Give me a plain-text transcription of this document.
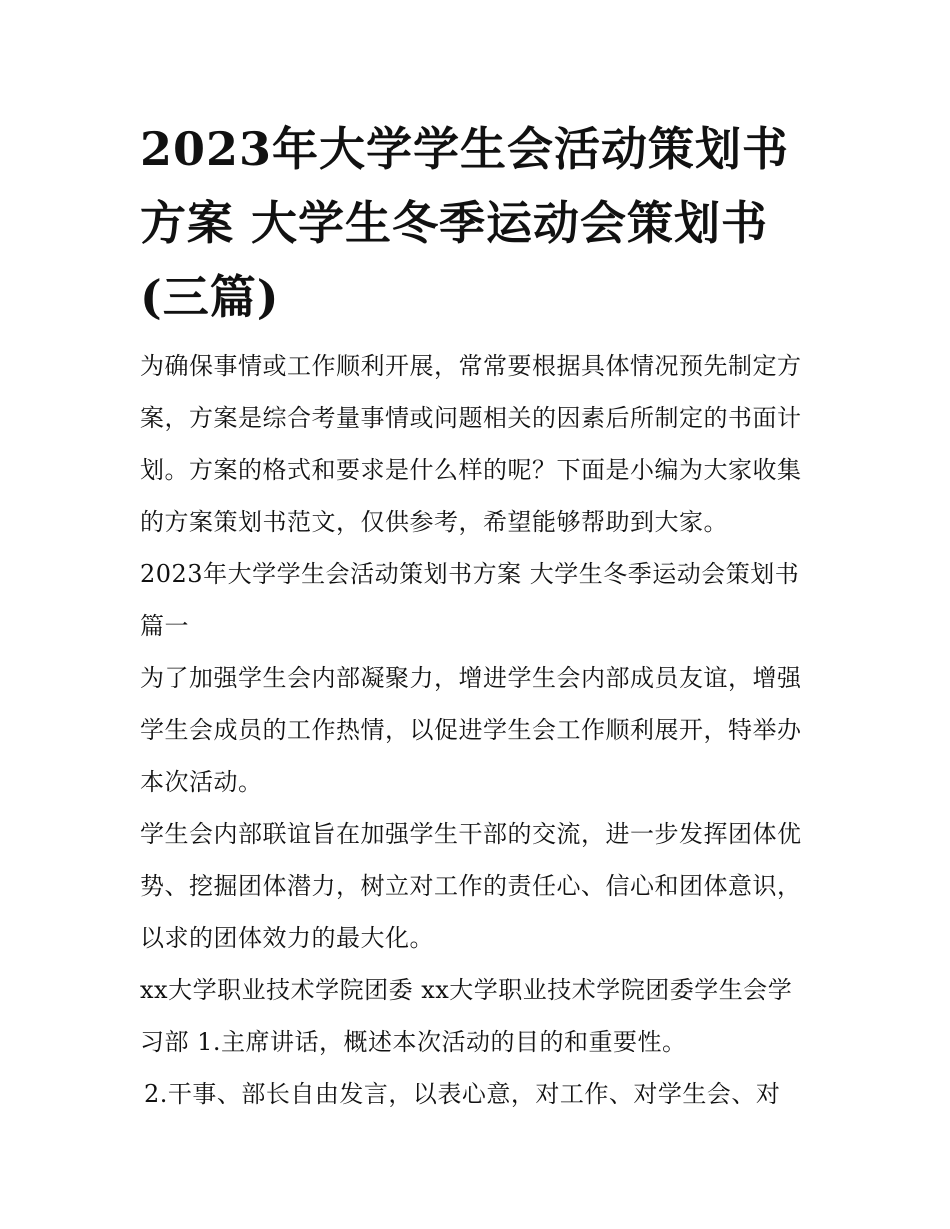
2023年大学学生会活动策划书
方案 大学生冬季运动会策划书
(三篇)

为确保事情或工作顺利开展，常常要根据具体情况预先制定方
案，方案是综合考量事情或问题相关的因素后所制定的书面计
划。方案的格式和要求是什么样的呢？下面是小编为大家收集
的方案策划书范文，仅供参考，希望能够帮助到大家。

2023年大学学生会活动策划书方案 大学生冬季运动会策划书
篇一

为了加强学生会内部凝聚力，增进学生会内部成员友谊，增强
学生会成员的工作热情，以促进学生会工作顺利展开，特举办
本次活动。

学生会内部联谊旨在加强学生干部的交流，进一步发挥团体优
势、挖掘团体潜力，树立对工作的责任心、信心和团体意识，
以求的团体效力的最大化。

xx大学职业技术学院团委 xx大学职业技术学院团委学生会学
习部 1.主席讲话，概述本次活动的目的和重要性。

2.干事、部长自由发言，以表心意，对工作、对学生会、对
